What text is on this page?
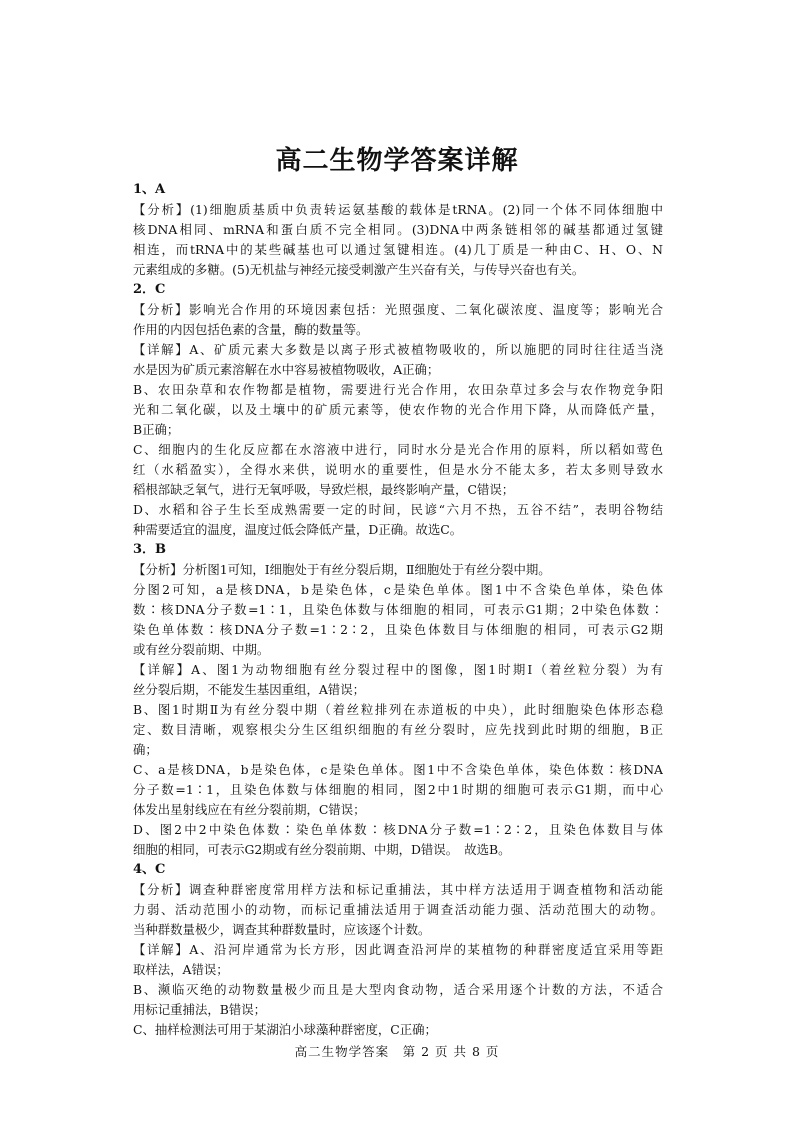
高二生物学答案详解
1、A
【分析】(1)细胞质基质中负责转运氨基酸的载体是tRNA。(2)同一个体不同体细胞中
核DNA相同、mRNA和蛋白质不完全相同。(3)DNA中两条链相邻的碱基都通过氢键
相连，而tRNA中的某些碱基也可以通过氢键相连。(4)几丁质是一种由C、H、O、N
元素组成的多糖。(5)无机盐与神经元接受刺激产生兴奋有关，与传导兴奋也有关。
2．C
【分析】影响光合作用的环境因素包括：光照强度、二氧化碳浓度、温度等；影响光合
作用的内因包括色素的含量，酶的数量等。
【详解】A、矿质元素大多数是以离子形式被植物吸收的，所以施肥的同时往往适当浇
水是因为矿质元素溶解在水中容易被植物吸收，A正确；
B、农田杂草和农作物都是植物，需要进行光合作用，农田杂草过多会与农作物竞争阳
光和二氧化碳，以及土壤中的矿质元素等，使农作物的光合作用下降，从而降低产量，
B正确；
C、细胞内的生化反应都在水溶液中进行，同时水分是光合作用的原料，所以稻如莺色
红（水稻盈实），全得水来供，说明水的重要性，但是水分不能太多，若太多则导致水
稻根部缺乏氧气，进行无氧呼吸，导致烂根，最终影响产量，C错误；
D、水稻和谷子生长至成熟需要一定的时间，民谚“六月不热，五谷不结”，表明谷物结
种需要适宜的温度，温度过低会降低产量，D正确。故选C。
3．B
【分析】分析图1可知，Ⅰ细胞处于有丝分裂后期，Ⅱ细胞处于有丝分裂中期。
分图2可知，a是核DNA，b是染色体，c是染色单体。图1中不含染色单体，染色体
数∶核DNA分子数=1∶1，且染色体数与体细胞的相同，可表示G1期；2中染色体数∶
染色单体数∶核DNA分子数=1∶2∶2，且染色体数目与体细胞的相同，可表示G2期
或有丝分裂前期、中期。
【详解】A、图1为动物细胞有丝分裂过程中的图像，图1时期Ⅰ（着丝粒分裂）为有
丝分裂后期，不能发生基因重组，A错误；
B、图1时期Ⅱ为有丝分裂中期（着丝粒排列在赤道板的中央），此时细胞染色体形态稳
定、数目清晰，观察根尖分生区组织细胞的有丝分裂时，应先找到此时期的细胞，B正
确；
C、a是核DNA，b是染色体，c是染色单体。图1中不含染色单体，染色体数∶核DNA
分子数=1∶1，且染色体数与体细胞的相同，图2中1时期的细胞可表示G1期，而中心
体发出星射线应在有丝分裂前期，C错误；
D、图2中2中染色体数∶染色单体数∶核DNA分子数=1∶2∶2，且染色体数目与体
细胞的相同，可表示G2期或有丝分裂前期、中期，D错误。　故选B。
4、C
【分析】调查种群密度常用样方法和标记重捕法，其中样方法适用于调查植物和活动能
力弱、活动范围小的动物，而标记重捕法适用于调查活动能力强、活动范围大的动物。
当种群数量极少，调查其种群数量时，应该逐个计数。
【详解】A、沿河岸通常为长方形，因此调查沿河岸的某植物的种群密度适宜采用等距
取样法，A错误；
B、濒临灭绝的动物数量极少而且是大型肉食动物，适合采用逐个计数的方法，不适合
用标记重捕法，B错误；
C、抽样检测法可用于某湖泊小球藻种群密度，C正确；
高二生物学答案　第 2 页 共 8 页
